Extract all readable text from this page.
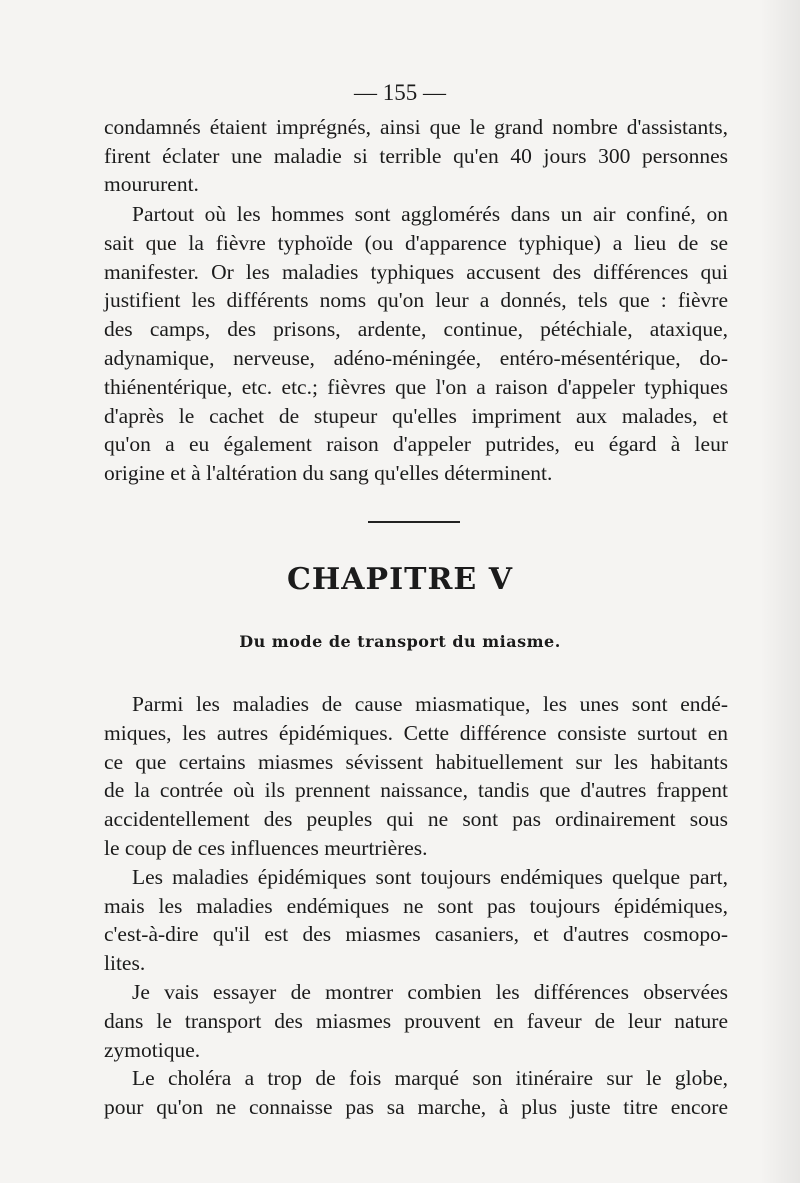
— 155 —

condamnés étaient imprégnés, ainsi que le grand nombre d'assistants,
firent éclater une maladie si terrible qu'en 40 jours 300 personnes

moururent.

Partout où les hommes sont agglomérés dans un air confiné, on
sait que la fièvre typhoïde (ou d'apparence typhique) a lieu de se
manifester. Or les maladies typhiques accusent des différences qui
justifient les différents noms qu'on leur a donnés, tels que : fièvre
des camps, des prisons, ardente, continue, pétéchiale, ataxique,
adynamique, nerveuse, adéno-méningée, entéro-mésentérique, do-
thiénentérique, etc. etc.; fièvres que l'on a raison d'appeler typhiques
d'après le cachet de stupeur qu'elles impriment aux malades, et
qu'on a eu également raison d'appeler putrides, eu égard à leur
origine et à l'altération du sang qu'elles déterminent.

CHAPITRE V
Du mode de transport du miasme.

Parmi les maladies de cause miasmatique, les unes sont endé-
miques, les autres épidémiques. Cette différence consiste surtout en
ce que certains miasmes sévissent habituellement sur les habitants
de la contrée où ils prennent naissance, tandis que d'autres frappent
accidentellement des peuples qui ne sont pas ordinairement sous
le coup de ces influences meurtrières.

Les maladies épidémiques sont toujours endémiques quelque part,
mais les maladies endémiques ne sont pas toujours épidémiques,
c'est-à-dire qu'il est des miasmes casaniers, et d'autres cosmopo-
lites.

Je vais essayer de montrer combien les différences observées
dans le transport des miasmes prouvent en faveur de leur nature
zymotique.

Le choléra a trop de fois marqué son itinéraire sur le globe,
pour qu'on ne connaisse pas sa marche, à plus juste titre encore
